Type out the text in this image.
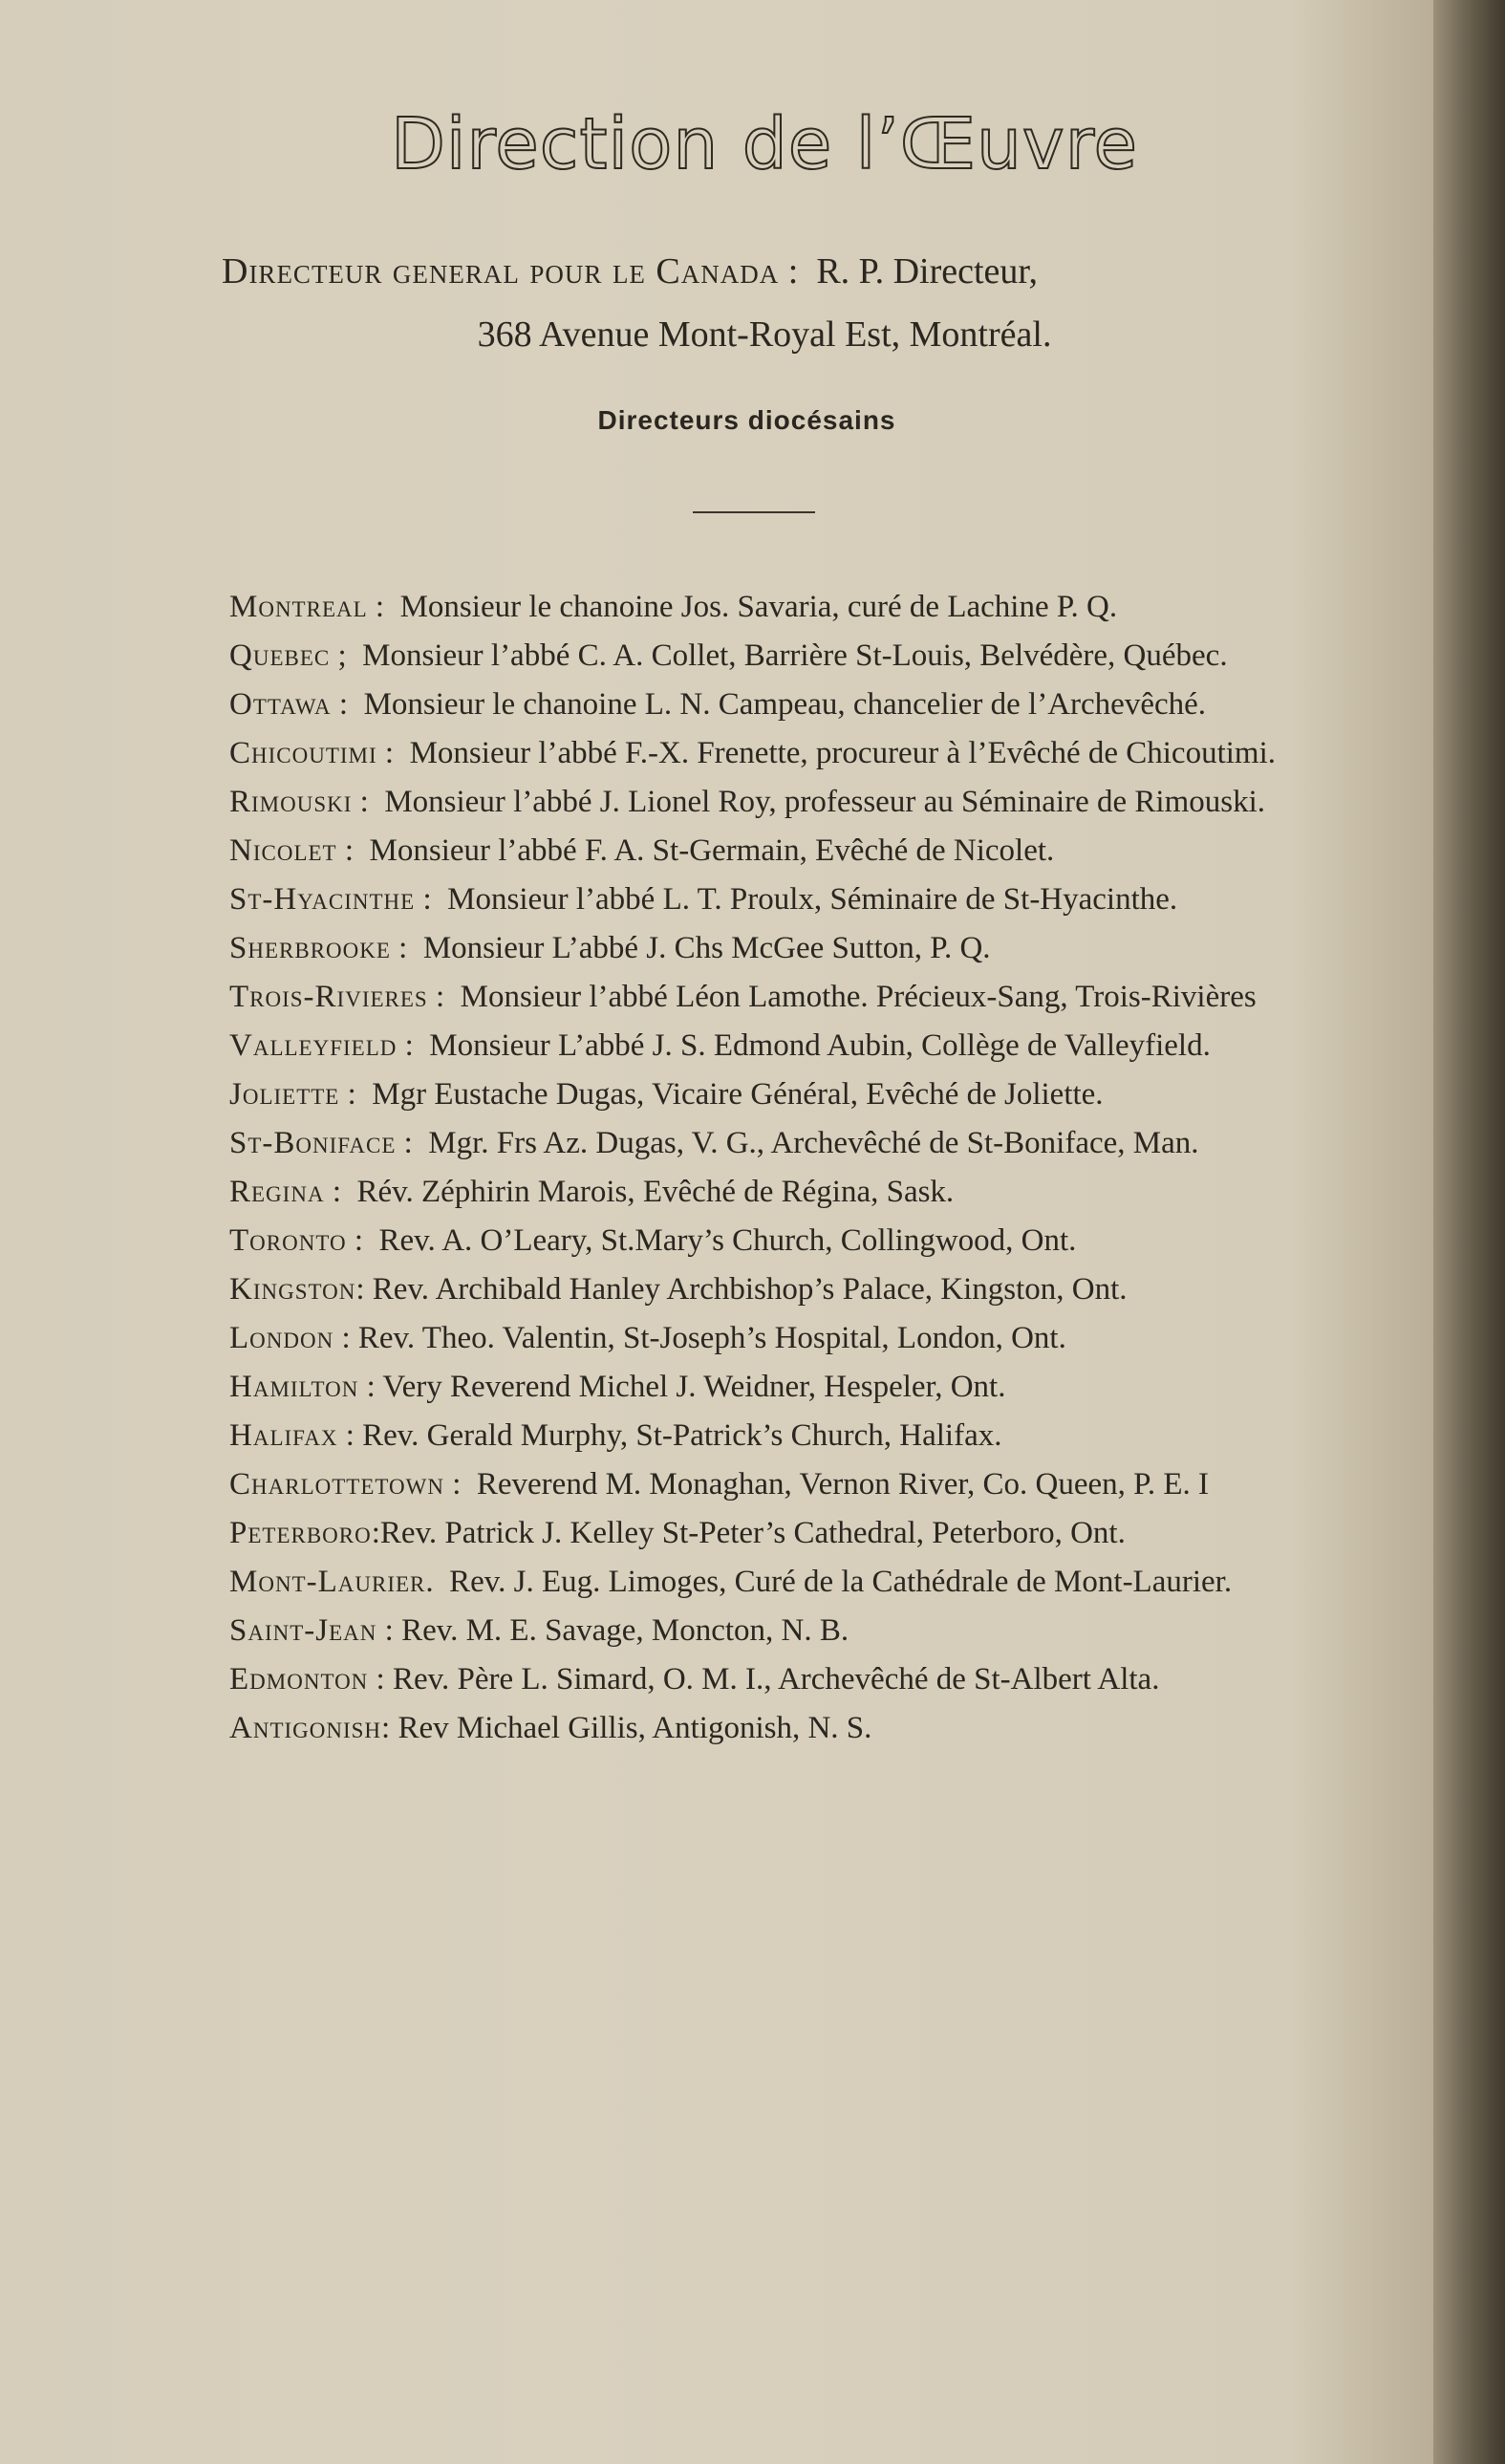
Direction de l’Œuvre
Directeur general pour le Canada :  R. P. Directeur,
368 Avenue Mont-Royal Est, Montréal.
Directeurs diocésains
Montreal :  Monsieur le chanoine Jos. Savaria, curé de Lachine P. Q.
Quebec ;  Monsieur l’abbé C. A. Collet, Barrière St-Louis, Belvédère, Québec.
Ottawa :  Monsieur le chanoine L. N. Campeau, chancelier de l’Archevêché.
Chicoutimi :  Monsieur l’abbé F.-X. Frenette, procureur à l’Evêché de Chicoutimi.
Rimouski :  Monsieur l’abbé J. Lionel Roy, professeur au Séminaire de Rimouski.
Nicolet :  Monsieur l’abbé F. A. St-Germain, Evêché de Nicolet.
St-Hyacinthe :  Monsieur l’abbé L. T. Proulx, Séminaire de St-Hyacinthe.
Sherbrooke :  Monsieur L’abbé J. Chs McGee Sutton, P. Q.
Trois-Rivieres :  Monsieur l’abbé Léon Lamothe. Précieux-Sang, Trois-Rivières
Valleyfield :  Monsieur L’abbé J. S. Edmond Aubin, Collège de Valleyfield.
Joliette :  Mgr Eustache Dugas, Vicaire Général, Evêché de Joliette.
St-Boniface :  Mgr. Frs Az. Dugas, V. G., Archevêché de St-Boniface, Man.
Regina :  Rév. Zéphirin Marois, Evêché de Régina, Sask.
Toronto :  Rev. A. O’Leary, St.Mary’s Church, Collingwood, Ont.
Kingston: Rev. Archibald Hanley Archbishop’s Palace, Kingston, Ont.
London : Rev. Theo. Valentin, St-Joseph’s Hospital, London, Ont.
Hamilton : Very Reverend Michel J. Weidner, Hespeler, Ont.
Halifax : Rev. Gerald Murphy, St-Patrick’s Church, Halifax.
Charlottetown :  Reverend M. Monaghan, Vernon River, Co. Queen, P. E. I
Peterboro:Rev. Patrick J. Kelley St-Peter’s Cathedral, Peterboro, Ont.
Mont-Laurier.  Rev. J. Eug. Limoges, Curé de la Cathédrale de Mont-Laurier.
Saint-Jean : Rev. M. E. Savage, Moncton, N. B.
Edmonton : Rev. Père L. Simard, O. M. I., Archevêché de St-Albert Alta.
Antigonish: Rev Michael Gillis, Antigonish, N. S.
